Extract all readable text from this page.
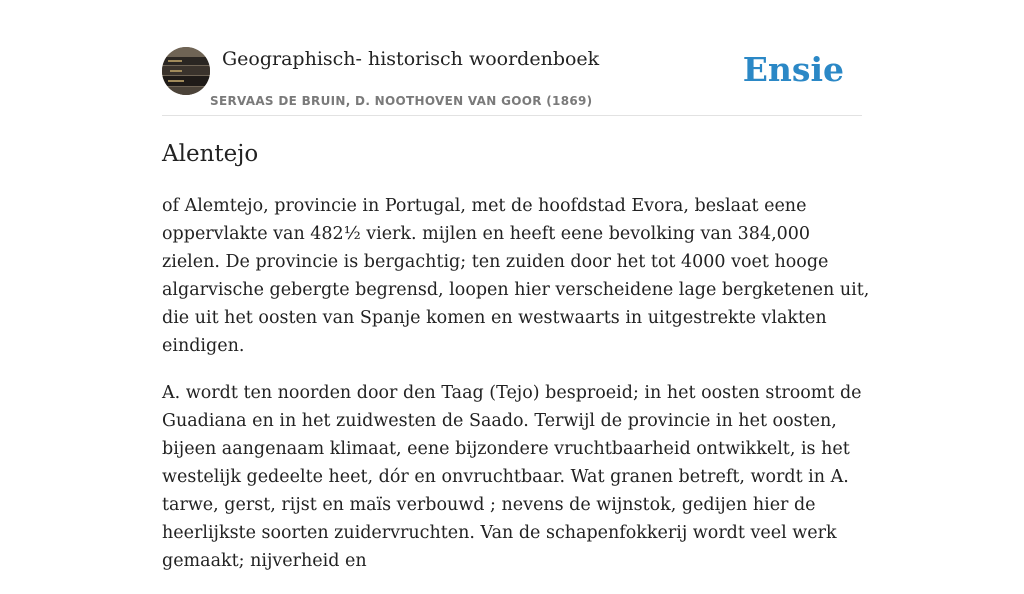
Geographisch- historisch woordenboek
SERVAAS DE BRUIN, D. NOOTHOVEN VAN GOOR (1869)
Ensie
Alentejo

of Alemtejo, provincie in Portugal, met de hoofdstad Evora, beslaat eene oppervlakte van 482½ vierk. mijlen en heeft eene bevolking van 384,000 zielen. De provincie is bergachtig; ten zuiden door het tot 4000 voet hooge algarvische gebergte begrensd, loopen hier verscheidene lage bergketenen uit, die uit het oosten van Spanje komen en westwaarts in uitgestrekte vlakten eindigen.

A. wordt ten noorden door den Taag (Tejo) besproeid; in het oosten stroomt de Guadiana en in het zuidwesten de Saado. Terwijl de provincie in het oosten, bijeen aangenaam klimaat, eene bijzondere vruchtbaarheid ontwikkelt, is het westelijk gedeelte heet, dór en onvruchtbaar. Wat granen betreft, wordt in A. tarwe, gerst, rijst en maïs verbouwd ; nevens de wijnstok, gedijen hier de heerlijkste soorten zuidervruchten. Van de schapenfokkerij wordt veel werk gemaakt; nijverheid en
